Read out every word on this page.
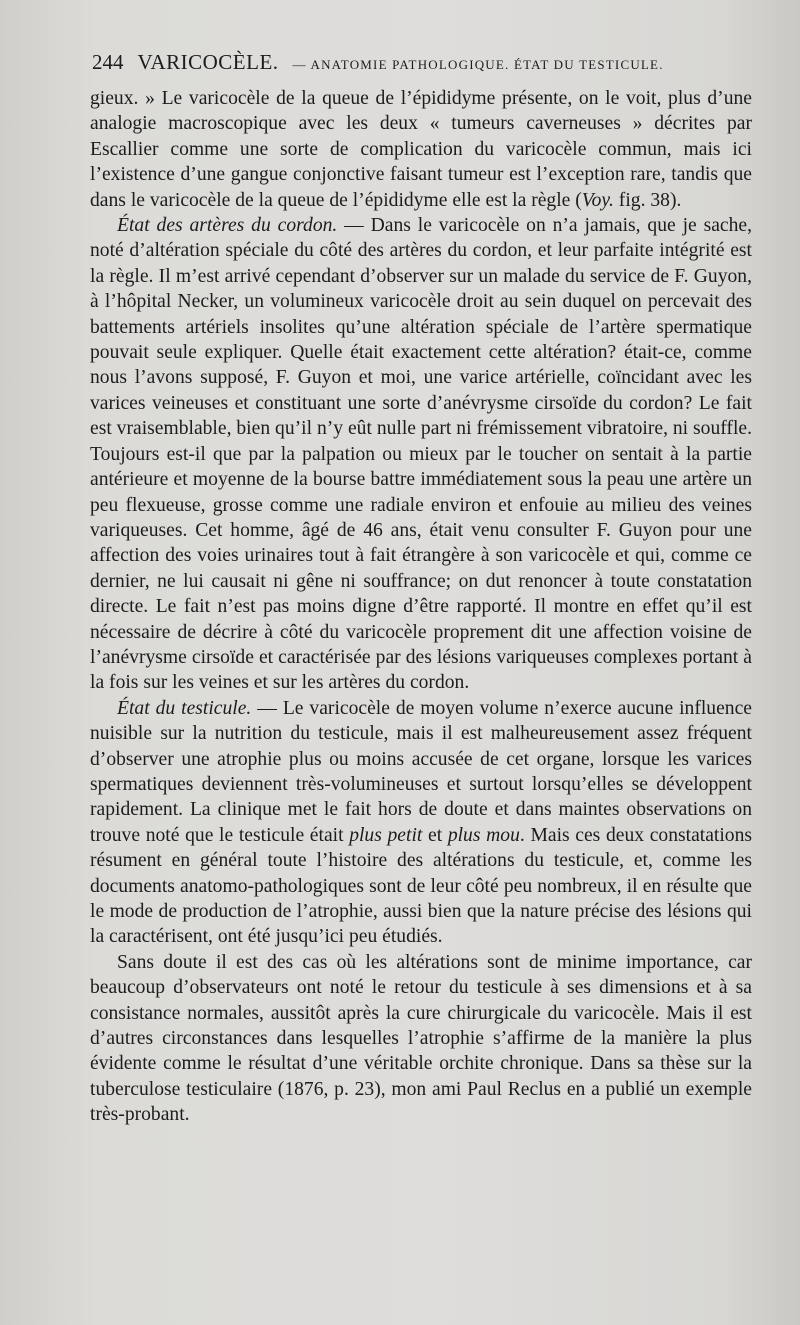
244 VARICOCÈLE. — ANATOMIE PATHOLOGIQUE. ÉTAT DU TESTICULE.

gieux. » Le varicocèle de la queue de l’épididyme présente, on le voit, plus d’une analogie macroscopique avec les deux « tumeurs caverneuses » décrites par Escallier comme une sorte de complication du varicocèle commun, mais ici l’existence d’une gangue conjonctive faisant tumeur est l’exception rare, tandis que dans le varicocèle de la queue de l’épididyme elle est la règle (Voy. fig. 38).

État des artères du cordon. — Dans le varicocèle on n’a jamais, que je sache, noté d’altération spéciale du côté des artères du cordon, et leur parfaite intégrité est la règle. Il m’est arrivé cependant d’observer sur un malade du service de F. Guyon, à l’hôpital Necker, un volumineux varicocèle droit au sein duquel on percevait des battements artériels insolites qu’une altération spéciale de l’artère spermatique pouvait seule expliquer. Quelle était exactement cette altération? était-ce, comme nous l’avons supposé, F. Guyon et moi, une varice artérielle, coïncidant avec les varices veineuses et constituant une sorte d’anévrysme cirsoïde du cordon? Le fait est vraisemblable, bien qu’il n’y eût nulle part ni frémissement vibratoire, ni souffle. Toujours est-il que par la palpation ou mieux par le toucher on sentait à la partie antérieure et moyenne de la bourse battre immédiatement sous la peau une artère un peu flexueuse, grosse comme une radiale environ et enfouie au milieu des veines variqueuses. Cet homme, âgé de 46 ans, était venu consulter F. Guyon pour une affection des voies urinaires tout à fait étrangère à son varicocèle et qui, comme ce dernier, ne lui causait ni gêne ni souffrance; on dut renoncer à toute constatation directe. Le fait n’est pas moins digne d’être rapporté. Il montre en effet qu’il est nécessaire de décrire à côté du varicocèle proprement dit une affection voisine de l’anévrysme cirsoïde et caractérisée par des lésions variqueuses complexes portant à la fois sur les veines et sur les artères du cordon.

État du testicule. — Le varicocèle de moyen volume n’exerce aucune influence nuisible sur la nutrition du testicule, mais il est malheureusement assez fréquent d’observer une atrophie plus ou moins accusée de cet organe, lorsque les varices spermatiques deviennent très-volumineuses et surtout lorsqu’elles se développent rapidement. La clinique met le fait hors de doute et dans maintes observations on trouve noté que le testicule était plus petit et plus mou. Mais ces deux constatations résument en général toute l’histoire des altérations du testicule, et, comme les documents anatomo-pathologiques sont de leur côté peu nombreux, il en résulte que le mode de production de l’atrophie, aussi bien que la nature précise des lésions qui la caractérisent, ont été jusqu’ici peu étudiés.

Sans doute il est des cas où les altérations sont de minime importance, car beaucoup d’observateurs ont noté le retour du testicule à ses dimensions et à sa consistance normales, aussitôt après la cure chirurgicale du varicocèle. Mais il est d’autres circonstances dans lesquelles l’atrophie s’affirme de la manière la plus évidente comme le résultat d’une véritable orchite chronique. Dans sa thèse sur la tuberculose testiculaire (1876, p. 23), mon ami Paul Reclus en a publié un exemple très-probant.
